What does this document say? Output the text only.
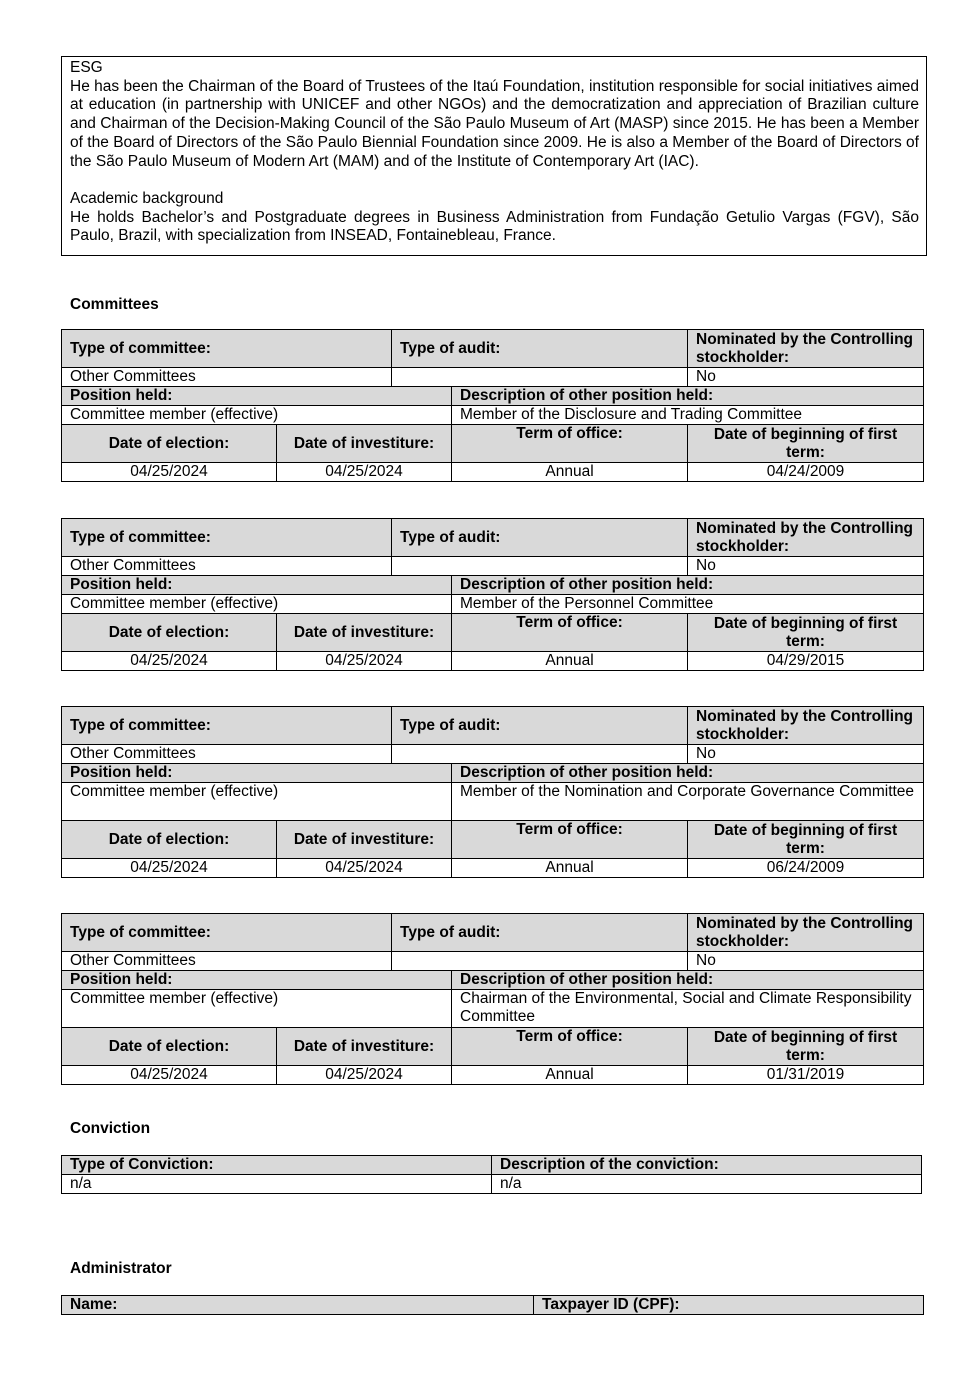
ESG

He has been the Chairman of the Board of Trustees of the Itaú Foundation, institution responsible for social initiatives aimed at education (in partnership with UNICEF and other NGOs) and the democratization and appreciation of Brazilian culture and Chairman of the Decision-Making Council of the São Paulo Museum of Art (MASP) since 2015. He has been a Member of the Board of Directors of the São Paulo Biennial Foundation since 2009. He is also a Member of the Board of Directors of the São Paulo Museum of Modern Art (MAM) and of the Institute of Contemporary Art (IAC).

Academic background

He holds Bachelor’s and Postgraduate degrees in Business Administration from Fundação Getulio Vargas (FGV), São Paulo, Brazil, with specialization from INSEAD, Fontainebleau, France.

Committees
Type of committee:		Type of audit:		Nominated by the Controlling stockholder:
Other Committees				No
Position held:			Description of other position held:	
Committee member (effective)			Member of the Disclosure and Trading Committee	
Date of election:	Date of investiture:		Term of office:	Date of beginning of first term:
04/25/2024	04/25/2024		Annual	04/24/2009
Type of committee:		Type of audit:		Nominated by the Controlling stockholder:
Other Committees				No
Position held:			Description of other position held:	
Committee member (effective)			Member of the Personnel Committee	
Date of election:	Date of investiture:		Term of office:	Date of beginning of first term:
04/25/2024	04/25/2024		Annual	04/29/2015
Type of committee:		Type of audit:		Nominated by the Controlling stockholder:
Other Committees				No
Position held:			Description of other position held:	
Committee member (effective)			Member of the Nomination and Corporate Governance Committee	
Date of election:	Date of investiture:		Term of office:	Date of beginning of first term:
04/25/2024	04/25/2024		Annual	06/24/2009
Type of committee:		Type of audit:		Nominated by the Controlling stockholder:
Other Committees				No
Position held:			Description of other position held:	
Committee member (effective)			Chairman of the Environmental, Social and Climate Responsibility Committee	
Date of election:	Date of investiture:		Term of office:	Date of beginning of first term:
04/25/2024	04/25/2024		Annual	01/31/2019
Conviction
Type of Conviction:	Description of the conviction:
n/a	n/a
Administrator
Name:	Taxpayer ID (CPF):
